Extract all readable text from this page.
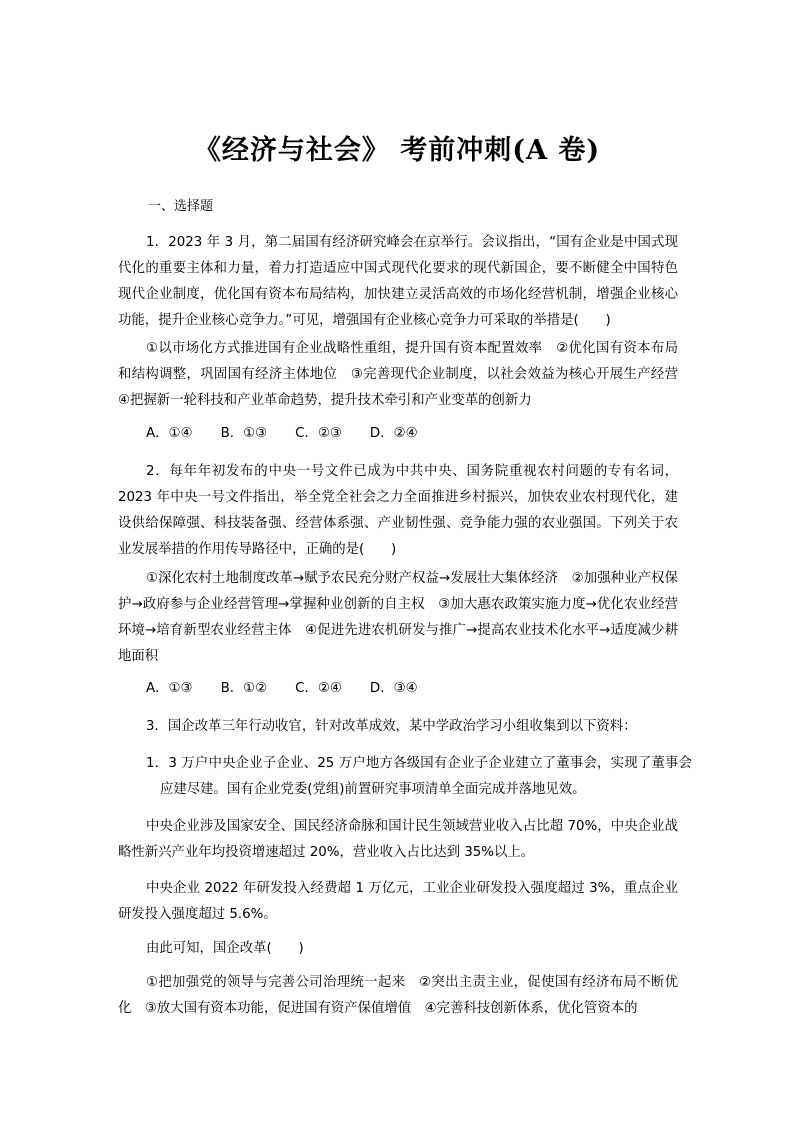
《经济与社会》 考前冲刺(A 卷)
一、选择题

1．2023 年 3 月，第二届国有经济研究峰会在京举行。会议指出，“国有企业是中国式现代化的重要主体和力量，着力打造适应中国式现代化要求的现代新国企，要不断健全中国特色现代企业制度，优化国有资本布局结构，加快建立灵活高效的市场化经营机制，增强企业核心功能，提升企业核心竞争力。”可见，增强国有企业核心竞争力可采取的举措是(　　)

①以市场化方式推进国有企业战略性重组，提升国有资本配置效率　②优化国有资本布局和结构调整，巩固国有经济主体地位　③完善现代企业制度，以社会效益为核心开展生产经营　④把握新一轮科技和产业革命趋势，提升技术牵引和产业变革的创新力

A．①④ B．①③ C．②③ D．②④

2．每年年初发布的中央一号文件已成为中共中央、国务院重视农村问题的专有名词，2023 年中央一号文件指出，举全党全社会之力全面推进乡村振兴，加快农业农村现代化，建设供给保障强、科技装备强、经营体系强、产业韧性强、竞争能力强的农业强国。下列关于农业发展举措的作用传导路径中，正确的是(　　)

①深化农村土地制度改革→赋予农民充分财产权益→发展壮大集体经济　②加强种业产权保护→政府参与企业经营管理→掌握种业创新的自主权　③加大惠农政策实施力度→优化农业经营环境→培育新型农业经营主体　④促进先进农机研发与推广→提高农业技术化水平→适度减少耕地面积

A．①③ B．①② C．②④ D．③④

3．国企改革三年行动收官，针对改革成效，某中学政治学习小组收集到以下资料：

1．3 万户中央企业子企业、25 万户地方各级国有企业子企业建立了董事会，实现了董事会应建尽建。国有企业党委(党组)前置研究事项清单全面完成并落地见效。

中央企业涉及国家安全、国民经济命脉和国计民生领域营业收入占比超 70%，中央企业战略性新兴产业年均投资增速超过 20%，营业收入占比达到 35%以上。

中央企业 2022 年研发投入经费超 1 万亿元，工业企业研发投入强度超过 3%，重点企业研发投入强度超过 5.6%。

由此可知，国企改革(　　)

①把加强党的领导与完善公司治理统一起来　②突出主责主业，促使国有经济布局不断优化　③放大国有资本功能，促进国有资产保值增值　④完善科技创新体系，优化管资本的
